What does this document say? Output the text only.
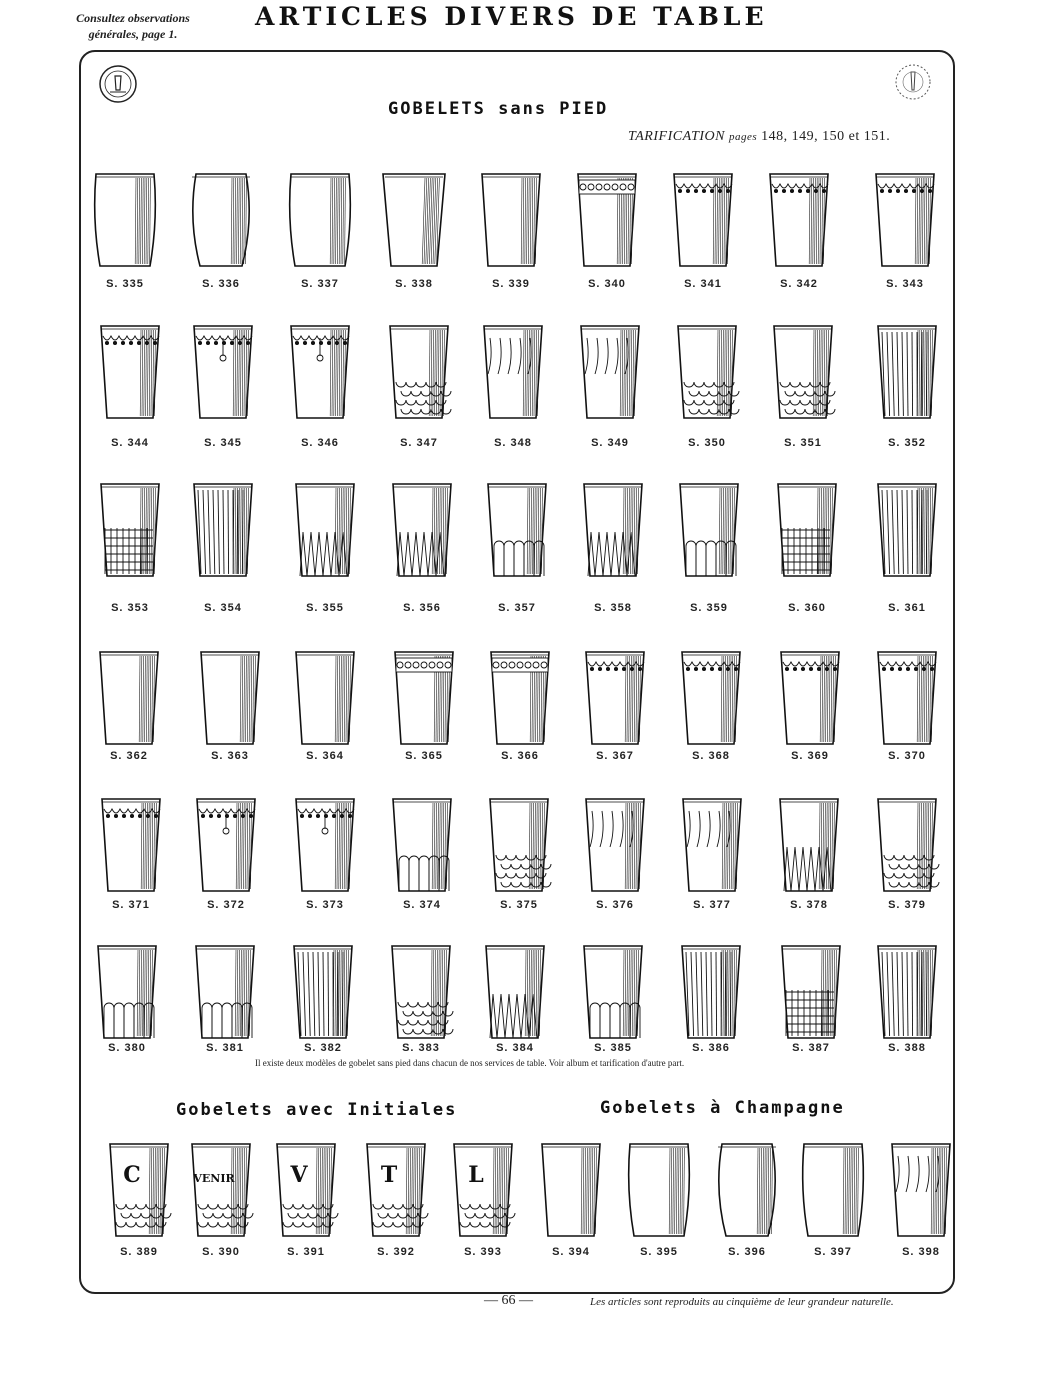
Consultez observations
générales, page 1.
ARTICLES DIVERS DE TABLE
GOBELETS sans PIED
TARIFICATION pages 148, 149, 150 et 151.
S. 335	S. 336	S. 337	S. 338	S. 339	S. 340	S. 341	S. 342	S. 343
S. 344	S. 345	S. 346	S. 347	S. 348	S. 349	S. 350	S. 351	S. 352
S. 353	S. 354	S. 355	S. 356	S. 357	S. 358	S. 359	S. 360	S. 361
S. 362	S. 363	S. 364	S. 365	S. 366	S. 367	S. 368	S. 369	S. 370
S. 371	S. 372	S. 373	S. 374	S. 375	S. 376	S. 377	S. 378	S. 379
S. 380	S. 381	S. 382	S. 383	S. 384	S. 385	S. 386	S. 387	S. 388
C
S. 389
VENIR
S. 390
V
S. 391
T
S. 392
L
S. 393	S. 394	S. 395	S. 396	S. 397	S. 398
Il existe deux modèles de gobelet sans pied dans chacun de nos services de table. Voir album et tarification d'autre part.
Gobelets avec Initiales	Gobelets à Champagne
— 66 —	Les articles sont reproduits au cinquième de leur grandeur naturelle.
